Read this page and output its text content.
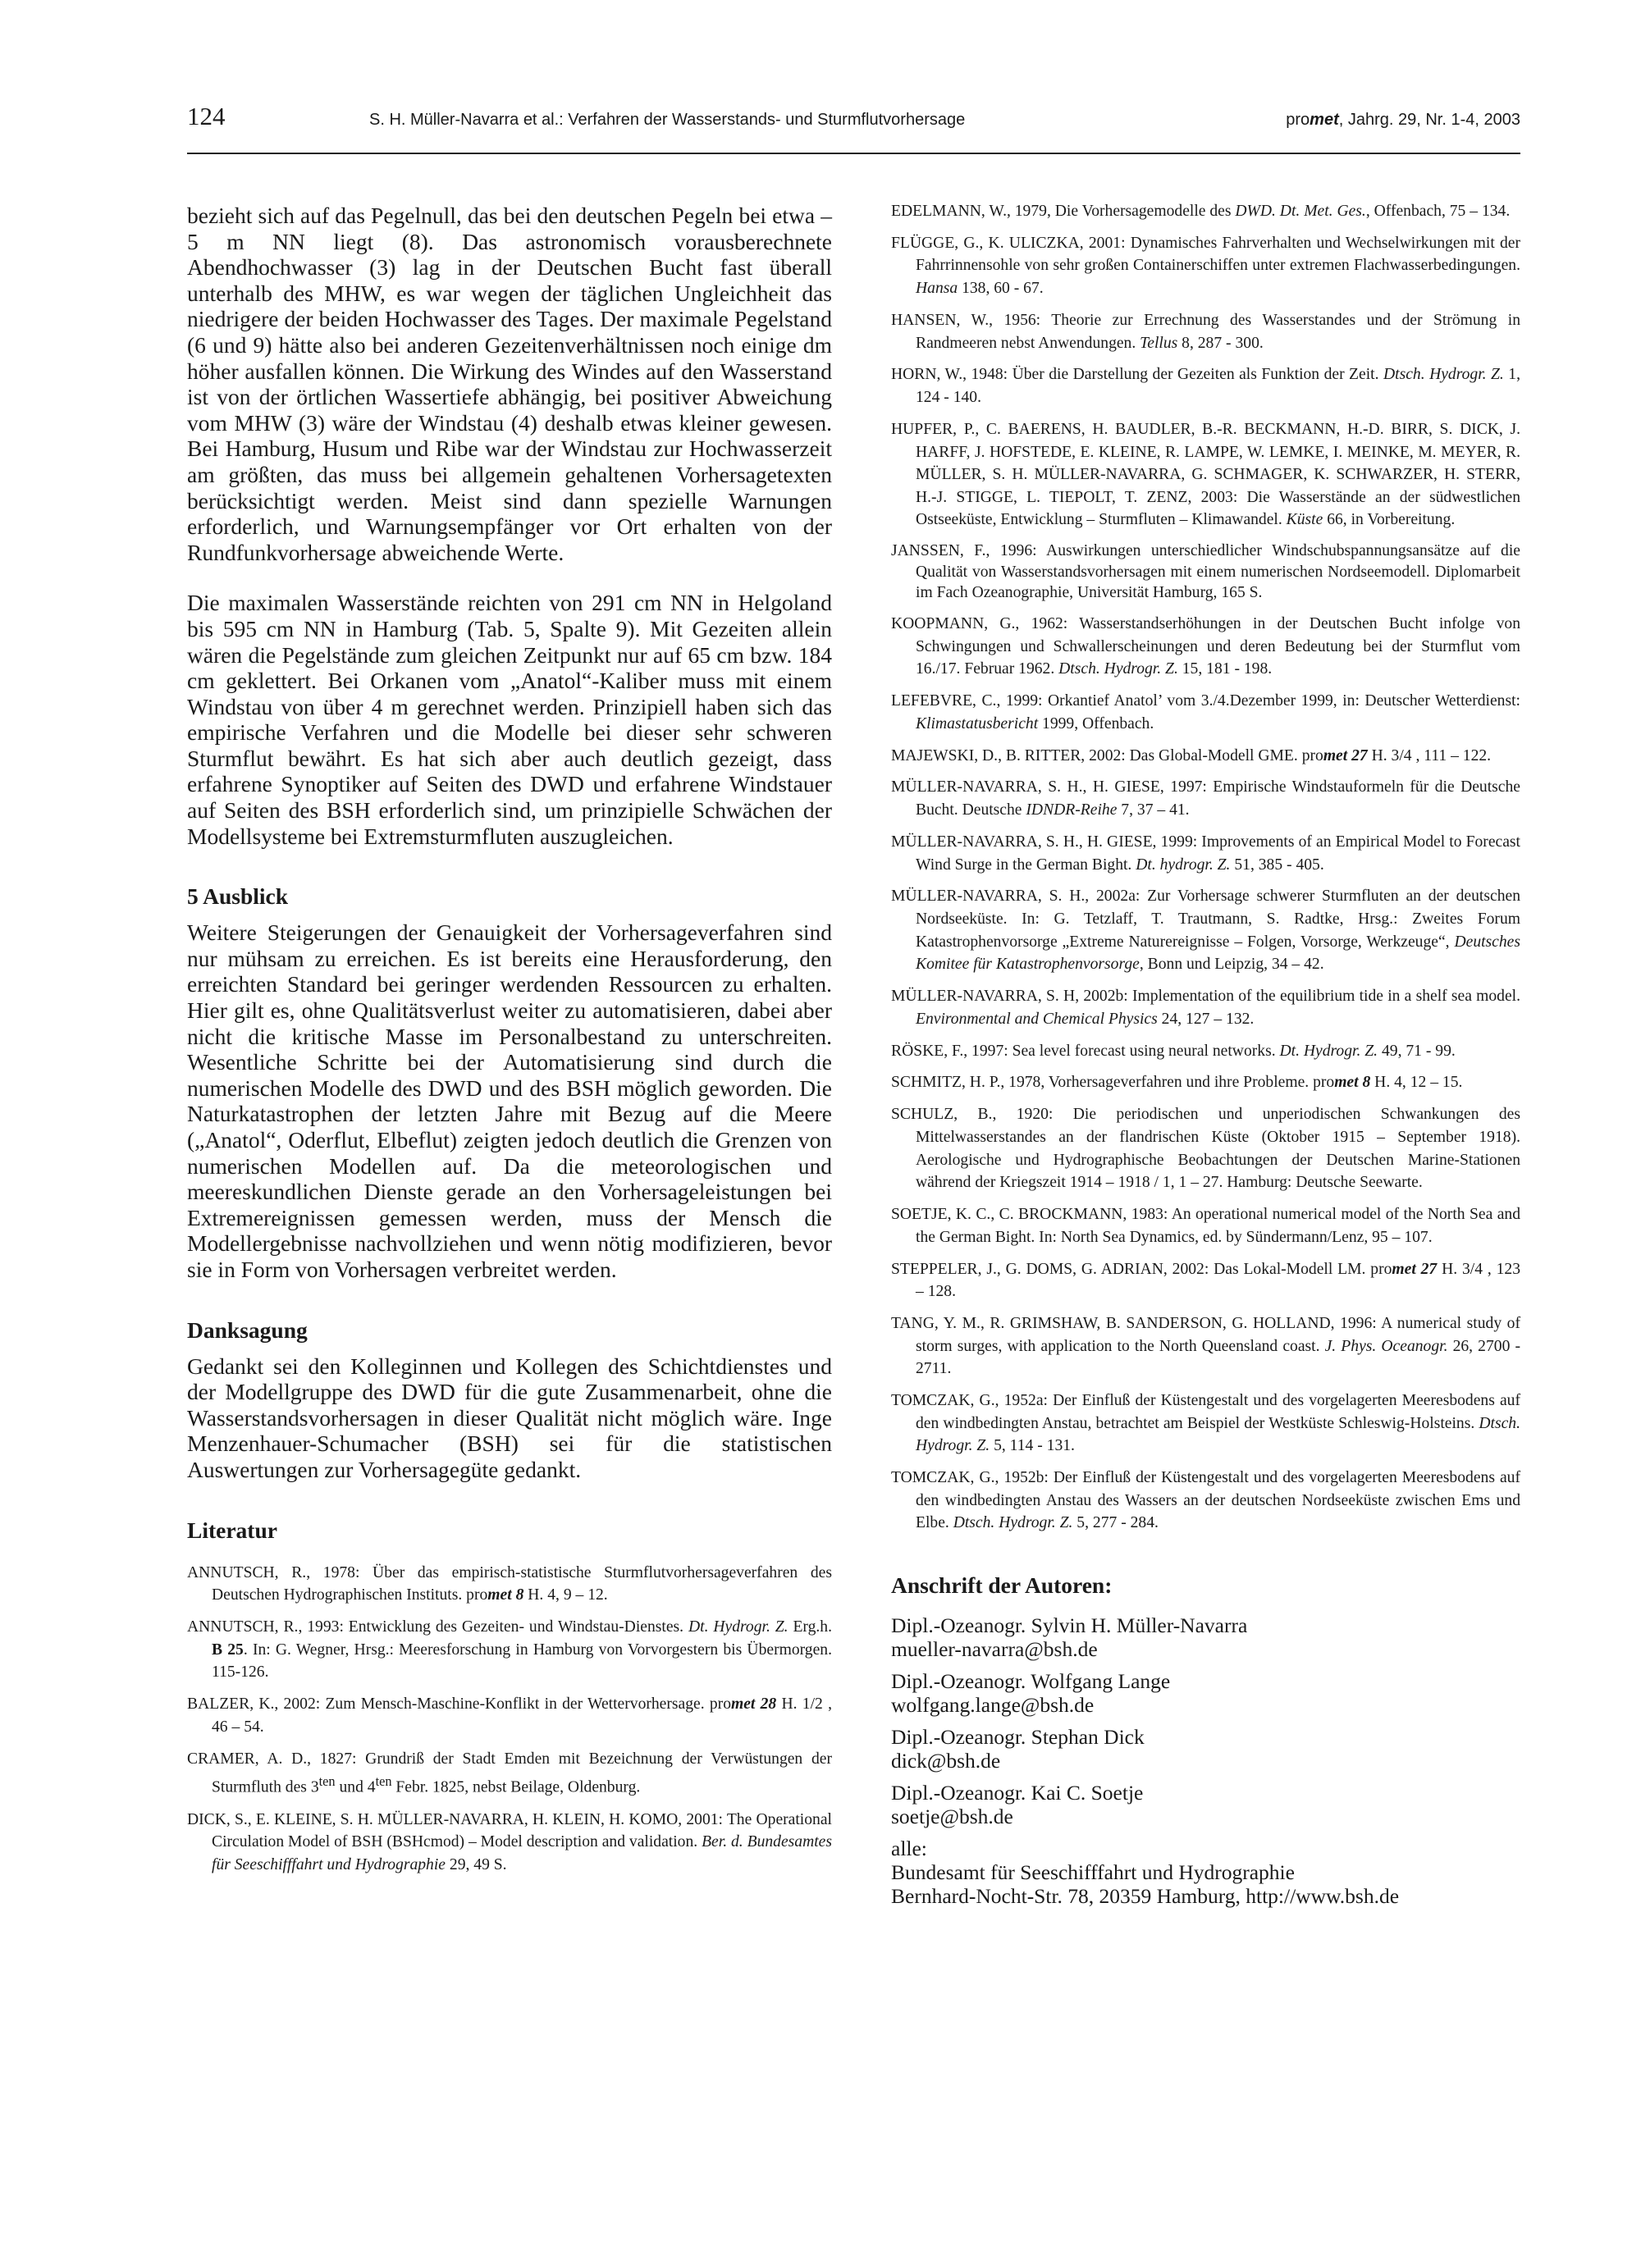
124	S. H. Müller-Navarra et al.: Verfahren der Wasserstands- und Sturmflutvorhersage	promet, Jahrg. 29, Nr. 1-4, 2003

bezieht sich auf das Pegelnull, das bei den deutschen Pegeln bei etwa –5 m NN liegt (8). Das astronomisch vorausberechnete Abendhochwasser (3) lag in der Deutschen Bucht fast überall unterhalb des MHW, es war wegen der täglichen Ungleichheit das niedrigere der beiden Hochwasser des Tages. Der maximale Pegelstand (6 und 9) hätte also bei anderen Gezeitenverhältnissen noch einige dm höher ausfallen können. Die Wirkung des Windes auf den Wasserstand ist von der örtlichen Wassertiefe abhängig, bei positiver Abweichung vom MHW (3) wäre der Windstau (4) deshalb etwas kleiner gewesen. Bei Hamburg, Husum und Ribe war der Windstau zur Hochwasserzeit am größten, das muss bei allgemein gehaltenen Vorhersagetexten berücksichtigt werden. Meist sind dann spezielle Warnungen erforderlich, und Warnungsempfänger vor Ort erhalten von der Rundfunkvorhersage abweichende Werte.

Die maximalen Wasserstände reichten von 291 cm NN in Helgoland bis 595 cm NN in Hamburg (Tab. 5, Spalte 9). Mit Gezeiten allein wären die Pegelstände zum gleichen Zeitpunkt nur auf 65 cm bzw. 184 cm geklettert. Bei Orkanen vom „Anatol“-Kaliber muss mit einem Windstau von über 4 m gerechnet werden. Prinzipiell haben sich das empirische Verfahren und die Modelle bei dieser sehr schweren Sturmflut bewährt. Es hat sich aber auch deutlich gezeigt, dass erfahrene Synoptiker auf Seiten des DWD und erfahrene Windstauer auf Seiten des BSH erforderlich sind, um prinzipielle Schwächen der Modellsysteme bei Extremsturmfluten auszugleichen.

5 Ausblick

Weitere Steigerungen der Genauigkeit der Vorhersageverfahren sind nur mühsam zu erreichen. Es ist bereits eine Herausforderung, den erreichten Standard bei geringer werdenden Ressourcen zu erhalten. Hier gilt es, ohne Qualitätsverlust weiter zu automatisieren, dabei aber nicht die kritische Masse im Personalbestand zu unterschreiten. Wesentliche Schritte bei der Automatisierung sind durch die numerischen Modelle des DWD und des BSH möglich geworden. Die Naturkatastrophen der letzten Jahre mit Bezug auf die Meere („Anatol“, Oderflut, Elbeflut) zeigten jedoch deutlich die Grenzen von numerischen Modellen auf. Da die meteorologischen und meereskundlichen Dienste gerade an den Vorhersageleistungen bei Extremereignissen gemessen werden, muss der Mensch die Modellergebnisse nachvollziehen und wenn nötig modifizieren, bevor sie in Form von Vorhersagen verbreitet werden.

Danksagung

Gedankt sei den Kolleginnen und Kollegen des Schichtdienstes und der Modellgruppe des DWD für die gute Zusammenarbeit, ohne die Wasserstandsvorhersagen in dieser Qualität nicht möglich wäre. Inge Menzenhauer-Schumacher (BSH) sei für die statistischen Auswertungen zur Vorhersagegüte gedankt.

Literatur

ANNUTSCH, R., 1978: Über das empirisch-statistische Sturmflutvorhersageverfahren des Deutschen Hydrographischen Instituts. promet 8 H. 4, 9 – 12.

ANNUTSCH, R., 1993: Entwicklung des Gezeiten- und Windstau-Dienstes. Dt. Hydrogr. Z. Erg.h. B 25. In: G. Wegner, Hrsg.: Meeresforschung in Hamburg von Vorvorgestern bis Übermorgen. 115-126.

BALZER, K., 2002: Zum Mensch-Maschine-Konflikt in der Wettervorhersage. promet 28 H. 1/2 , 46 – 54.

CRAMER, A. D., 1827: Grundriß der Stadt Emden mit Bezeichnung der Verwüstungen der Sturmfluth des $3^{ten}$ und $4^{ten}$ Febr. 1825, nebst Beilage, Oldenburg.

DICK, S., E. KLEINE, S. H. MÜLLER-NAVARRA, H. KLEIN, H. KOMO, 2001: The Operational Circulation Model of BSH (BSHcmod) – Model description and validation. Ber. d. Bundesamtes für Seeschifffahrt und Hydrographie 29, 49 S.

EDELMANN, W., 1979, Die Vorhersagemodelle des DWD. Dt. Met. Ges., Offenbach, 75 – 134.

FLÜGGE, G., K. ULICZKA, 2001: Dynamisches Fahrverhalten und Wechselwirkungen mit der Fahrrinnensohle von sehr großen Containerschiffen unter extremen Flachwasserbedingungen. Hansa 138, 60 - 67.

HANSEN, W., 1956: Theorie zur Errechnung des Wasserstandes und der Strömung in Randmeeren nebst Anwendungen. Tellus 8, 287 - 300.

HORN, W., 1948: Über die Darstellung der Gezeiten als Funktion der Zeit. Dtsch. Hydrogr. Z. 1, 124 - 140.

HUPFER, P., C. BAERENS, H. BAUDLER, B.-R. BECKMANN, H.-D. BIRR, S. DICK, J. HARFF, J. HOFSTEDE, E. KLEINE, R. LAMPE, W. LEMKE, I. MEINKE, M. MEYER, R. MÜLLER, S. H. MÜLLER-NAVARRA, G. SCHMAGER, K. SCHWARZER, H. STERR, H.-J. STIGGE, L. TIEPOLT, T. ZENZ, 2003: Die Wasserstände an der südwestlichen Ostseeküste, Entwicklung – Sturmfluten – Klimawandel. Küste 66, in Vorbereitung.

JANSSEN, F., 1996: Auswirkungen unterschiedlicher Windschubspannungsansätze auf die Qualität von Wasserstandsvorhersagen mit einem numerischen Nordseemodell. Diplomarbeit im Fach Ozeanographie, Universität Hamburg, 165 S.

KOOPMANN, G., 1962: Wasserstandserhöhungen in der Deutschen Bucht infolge von Schwingungen und Schwallerscheinungen und deren Bedeutung bei der Sturmflut vom 16./17. Februar 1962. Dtsch. Hydrogr. Z. 15, 181 - 198.

LEFEBVRE, C., 1999: Orkantief Anatol’ vom 3./4.Dezember 1999, in: Deutscher Wetterdienst: Klimastatusbericht 1999, Offenbach.

MAJEWSKI, D., B. RITTER, 2002: Das Global-Modell GME. promet 27 H. 3/4 , 111 – 122.

MÜLLER-NAVARRA, S. H., H. GIESE, 1997: Empirische Windstauformeln für die Deutsche Bucht. Deutsche IDNDR-Reihe 7, 37 – 41.

MÜLLER-NAVARRA, S. H., H. GIESE, 1999: Improvements of an Empirical Model to Forecast Wind Surge in the German Bight. Dt. hydrogr. Z. 51, 385 - 405.

MÜLLER-NAVARRA, S. H., 2002a: Zur Vorhersage schwerer Sturmfluten an der deutschen Nordseeküste. In: G. Tetzlaff, T. Trautmann, S. Radtke, Hrsg.: Zweites Forum Katastrophenvorsorge „Extreme Naturereignisse – Folgen, Vorsorge, Werkzeuge“, Deutsches Komitee für Katastrophenvorsorge, Bonn und Leipzig, 34 – 42.

MÜLLER-NAVARRA, S. H, 2002b: Implementation of the equilibrium tide in a shelf sea model. Environmental and Chemical Physics 24, 127 – 132.

RÖSKE, F., 1997: Sea level forecast using neural networks. Dt. Hydrogr. Z. 49, 71 - 99.

SCHMITZ, H. P., 1978, Vorhersageverfahren und ihre Probleme. promet 8 H. 4, 12 – 15.

SCHULZ, B., 1920: Die periodischen und unperiodischen Schwankungen des Mittelwasserstandes an der flandrischen Küste (Oktober 1915 – September 1918). Aerologische und Hydrographische Beobachtungen der Deutschen Marine-Stationen während der Kriegszeit 1914 – 1918 / 1, 1 – 27. Hamburg: Deutsche Seewarte.

SOETJE, K. C., C. BROCKMANN, 1983: An operational numerical model of the North Sea and the German Bight. In: North Sea Dynamics, ed. by Sündermann/Lenz, 95 – 107.

STEPPELER, J., G. DOMS, G. ADRIAN, 2002: Das Lokal-Modell LM. promet 27 H. 3/4 , 123 – 128.

TANG, Y. M., R. GRIMSHAW, B. SANDERSON, G. HOLLAND, 1996: A numerical study of storm surges, with application to the North Queensland coast. J. Phys. Oceanogr. 26, 2700 - 2711.

TOMCZAK, G., 1952a: Der Einfluß der Küstengestalt und des vorgelagerten Meeresbodens auf den windbedingten Anstau, betrachtet am Beispiel der Westküste Schleswig-Holsteins. Dtsch. Hydrogr. Z. 5, 114 - 131.

TOMCZAK, G., 1952b: Der Einfluß der Küstengestalt und des vorgelagerten Meeresbodens auf den windbedingten Anstau des Wassers an der deutschen Nordseeküste zwischen Ems und Elbe. Dtsch. Hydrogr. Z. 5, 277 - 284.

Anschrift der Autoren:

Dipl.-Ozeanogr. Sylvin H. Müller-Navarra
mueller-navarra@bsh.de

Dipl.-Ozeanogr. Wolfgang Lange
wolfgang.lange@bsh.de

Dipl.-Ozeanogr. Stephan Dick
dick@bsh.de

Dipl.-Ozeanogr. Kai C. Soetje
soetje@bsh.de

alle:
Bundesamt für Seeschifffahrt und Hydrographie
Bernhard-Nocht-Str. 78, 20359 Hamburg, http://www.bsh.de
